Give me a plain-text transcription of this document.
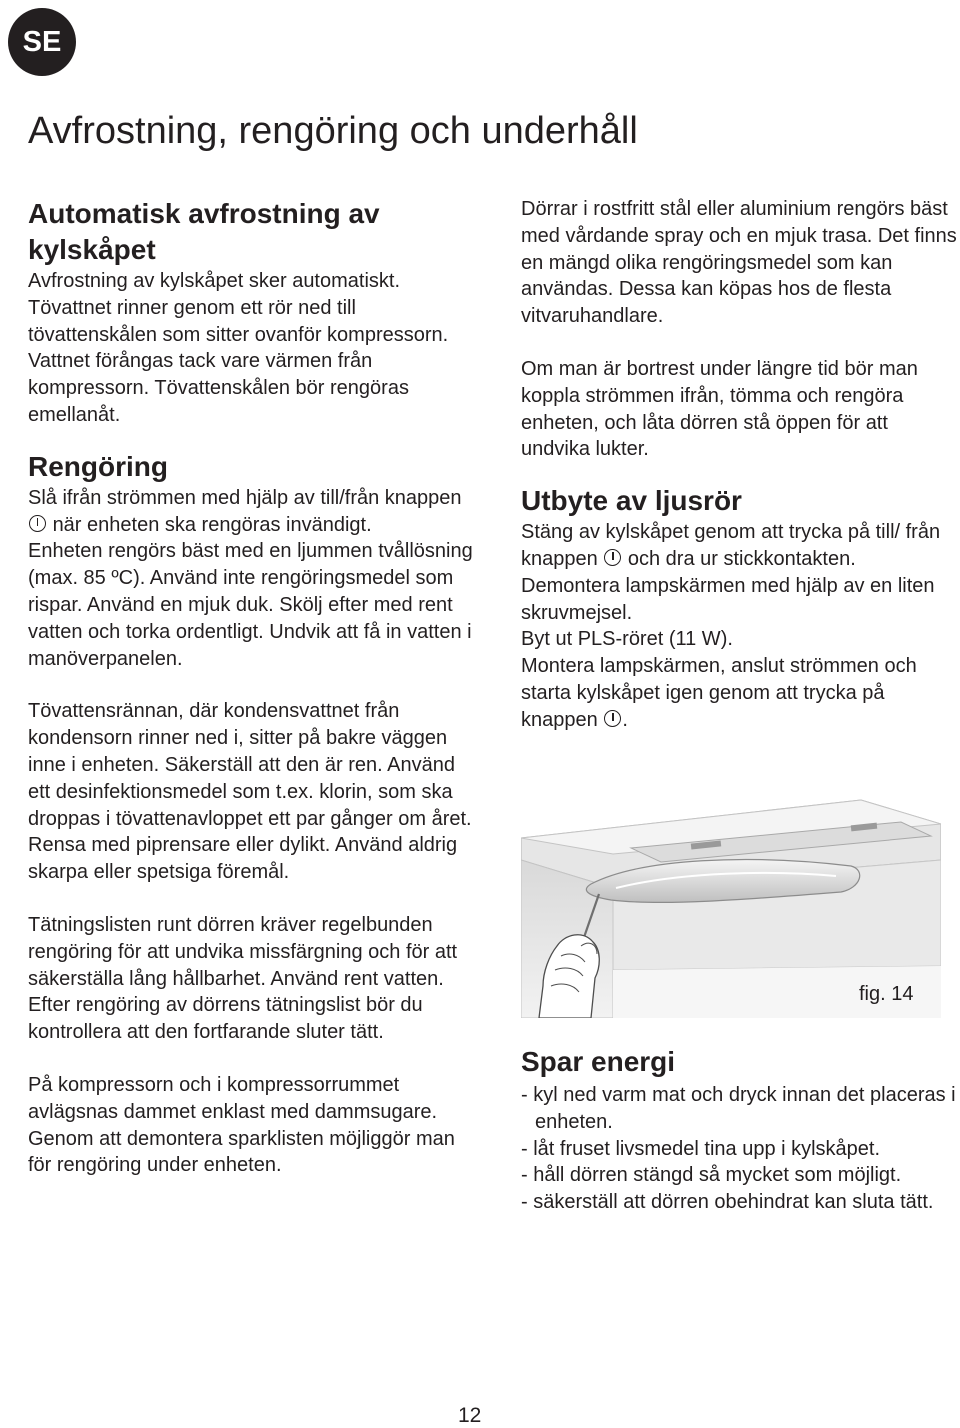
SE
Avfrostning, rengöring och underhåll
Automatisk avfrostning av kylskåpet

Avfrostning av kylskåpet sker automatiskt. Tövattnet rinner genom ett rör ned till tövattenskålen som sitter ovanför kompressorn. Vattnet förångas tack vare värmen från kompressorn. Tövattenskålen bör rengöras emellanåt.

Rengöring

Slå ifrån strömmen med hjälp av till/från knappen  när enheten ska rengöras invändigt.

Enheten rengörs bäst med en ljummen tvållösning (max. 85 ºC). Använd inte rengöringsmedel som rispar. Använd en mjuk duk. Skölj efter med rent vatten och torka ordentligt. Undvik att få in vatten i manöverpanelen.

Tövattensrännan, där kondensvattnet från kondensorn rinner ned i, sitter på bakre väggen inne i enheten. Säkerställ att den är ren. Använd ett desinfektionsmedel som t.ex. klorin, som ska droppas i tövattenavloppet ett par gånger om året. Rensa med piprensare eller dylikt. Använd aldrig skarpa eller spetsiga föremål.

Tätningslisten runt dörren kräver regelbunden rengöring för att undvika missfärgning och för att säkerställa lång hållbarhet. Använd rent vatten. Efter rengöring av dörrens tätningslist bör du kontrollera att den fortfarande sluter tätt.

På kompressorn och i kompressorrummet avlägsnas dammet enklast med dammsugare. Genom att demontera sparklisten möjliggör man för rengöring under enheten.

Dörrar i rostfritt stål eller aluminium rengörs bäst med vårdande spray och en mjuk trasa. Det finns en mängd olika rengöringsmedel som kan användas. Dessa kan köpas hos de flesta vitvaruhandlare.

Om man är bortrest under längre tid bör man koppla strömmen ifrån, tömma och rengöra enheten, och låta dörren stå öppen för att undvika lukter.

Utbyte av ljusrör

Stäng av kylskåpet genom att trycka på till/ från knappen och dra ur stickkontakten.

Demontera lampskärmen med hjälp av en liten skruvmejsel.

Byt ut PLS-röret (11 W).

Montera lampskärmen, anslut strömmen och starta kylskåpet igen genom att trycka på knappen .

fig. 14
Spar energi
- kyl ned varm mat och dryck innan det placeras i enheten.
- låt fruset livsmedel tina upp i kylskåpet.
- håll dörren stängd så mycket som möjligt.
- säkerställ att dörren obehindrat kan sluta tätt.
12
